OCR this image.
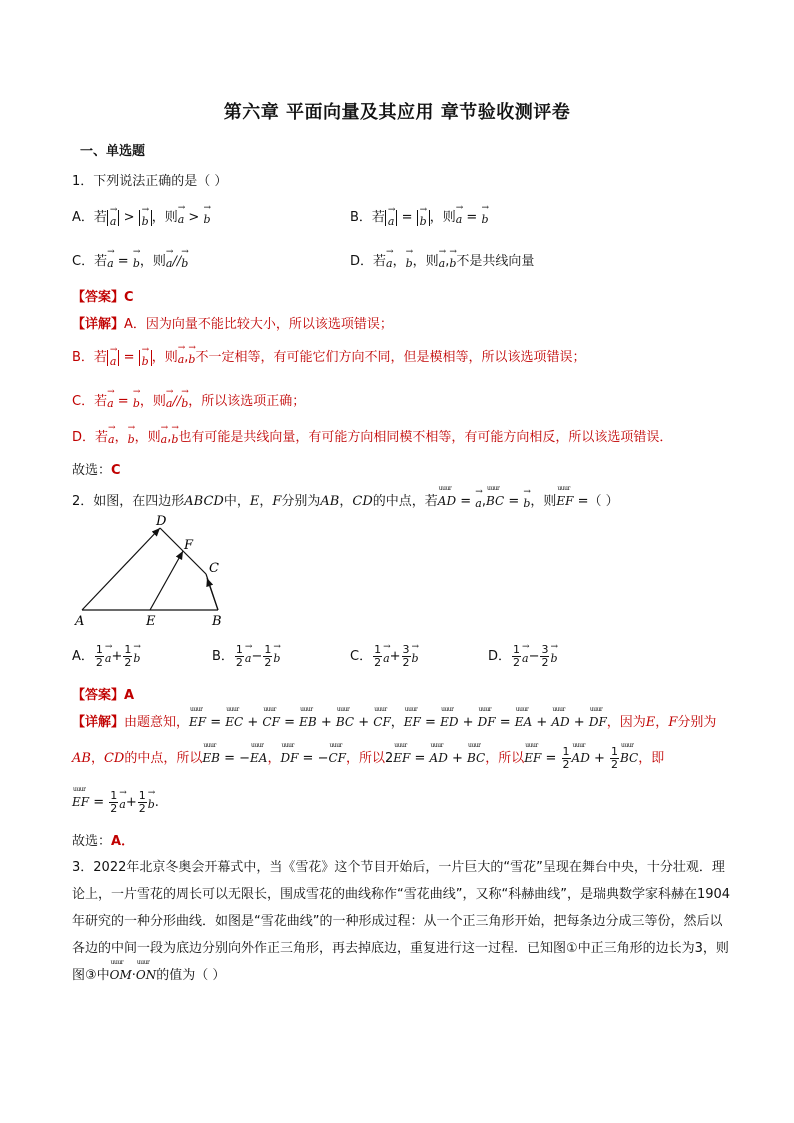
第六章 平面向量及其应用 章节验收测评卷
一、单选题
1．下列说法正确的是（ ）
A．若→ a > → b ，则→ a > → b	B．若→ a = → b ，则→ a = → b
C．若→ a = → b，则→ a//→ b	D．若→ a，→ b，则→ a,→ b不是共线向量
【答案】C
【详解】A．因为向量不能比较大小，所以该选项错误；
B．若→ a = → b ，则→ a,→ b不一定相等，有可能它们方向不同，但是模相等，所以该选项错误；
C．若→ a = → b，则→ a//→ b，所以该选项正确；
D．若→ a，→ b，则→ a,→ b也有可能是共线向量，有可能方向相同模不相等，有可能方向相反，所以该选项错误．
故选：C
2．如图，在四边形ABCD中，E，F分别为AB，CD的中点，若uuur AD = → a,uuur BC = → b，则uuur EF =（ ）
D
F
C
A	E	B
A． $\frac{1}{2}$
→ $a+ \frac{1}{2}$
→ b	B． $\frac{1}{2}$
→ $a- \frac{1}{2}$
→ b	C． $\frac{1}{2}$
→ $a+ \frac{3}{2}$
→ b	D． $\frac{1}{2}$
→ $a- \frac{3}{2}$
→ b
【答案】A
【详解】由题意知，uuur EF = uuur EC + uuur CF = uuur EB + uuur BC + uuur CF，uuur EF = uuur ED + uuur DF = uuur EA + uuur AD + uuur DF，因为E，F分别为
AB，CD的中点，所以uuur EB = −uuur EA，uuur DF = −uuur CF，所以2uuur EF = uuur AD + uuur BC，所以uuur EF = $\frac{1}{2}$
uuur AD + $\frac{1}{2}$
uuur BC，即
uuur EF = $\frac{1}{2}$
→ $a+ \frac{1}{2}$
→ b.
故选：A．
3．2022年北京冬奥会开幕式中，当《雪花》这个节目开始后，一片巨大的“雪花”呈现在舞台中央，十分壮观．理论上，一片雪花的周长可以无限长，围成雪花的曲线称作“雪花曲线”，又称“科赫曲线”，是瑞典数学家科赫在1904年研究的一种分形曲线．如图是“雪花曲线”的一种形成过程：从一个正三角形开始，把每条边分成三等份，然后以各边的中间一段为底边分别向外作正三角形，再去掉底边，重复进行这一过程．已知图①中正三角形的边长为3，则图③中uuur OM·uuur ON的值为（ ）
